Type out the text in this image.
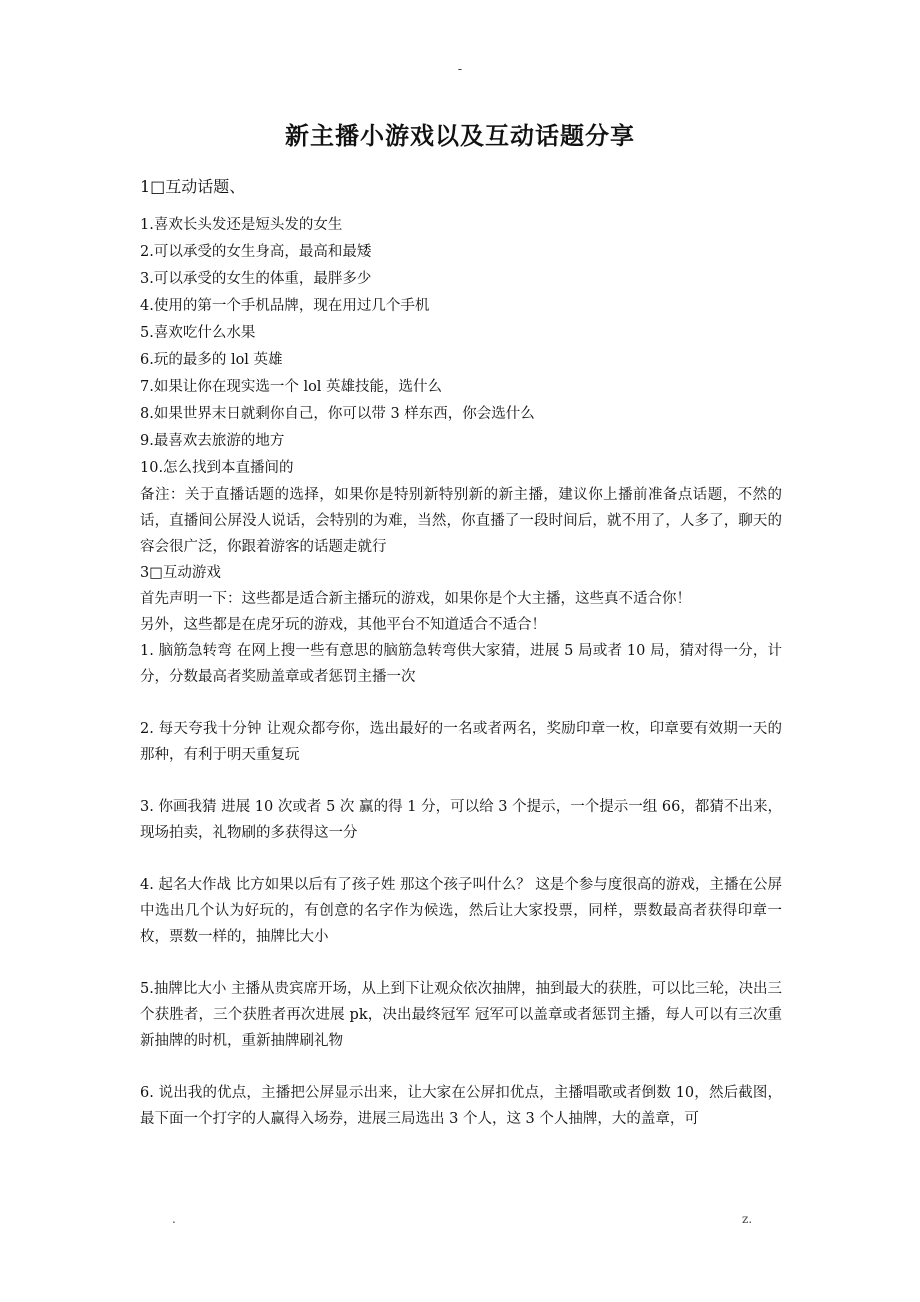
-
新主播小游戏以及互动话题分享

1□互动话题、

1.喜欢长头发还是短头发的女生

2.可以承受的女生身高，最高和最矮

3.可以承受的女生的体重，最胖多少

4.使用的第一个手机品牌，现在用过几个手机

5.喜欢吃什么水果

6.玩的最多的 lol 英雄

7.如果让你在现实选一个 lol 英雄技能，选什么

8.如果世界末日就剩你自己，你可以带 3 样东西，你会选什么

9.最喜欢去旅游的地方

10.怎么找到本直播间的

备注：关于直播话题的选择，如果你是特别新特别新的新主播，建议你上播前准备点话题，不然的话，直播间公屏没人说话，会特别的为难，当然，你直播了一段时间后，就不用了，人多了，聊天的容会很广泛，你跟着游客的话题走就行

3□互动游戏

首先声明一下：这些都是适合新主播玩的游戏，如果你是个大主播，这些真不适合你！

另外，这些都是在虎牙玩的游戏，其他平台不知道适合不适合！

1. 脑筋急转弯 在网上搜一些有意思的脑筋急转弯供大家猜，进展 5 局或者 10 局，猜对得一分，计分，分数最高者奖励盖章或者惩罚主播一次

2. 每天夸我十分钟 让观众都夸你，选出最好的一名或者两名，奖励印章一枚，印章要有效期一天的那种，有利于明天重复玩

3. 你画我猜 进展 10 次或者 5 次 赢的得 1 分，可以给 3 个提示，一个提示一组 66，都猜不出来，现场拍卖，礼物刷的多获得这一分

4. 起名大作战 比方如果以后有了孩子姓 那这个孩子叫什么？ 这是个参与度很高的游戏，主播在公屏中选出几个认为好玩的，有创意的名字作为候选，然后让大家投票，同样，票数最高者获得印章一枚，票数一样的，抽牌比大小

5.抽牌比大小 主播从贵宾席开场，从上到下让观众依次抽牌，抽到最大的获胜，可以比三轮，决出三个获胜者，三个获胜者再次进展 pk，决出最终冠军 冠军可以盖章或者惩罚主播，每人可以有三次重新抽牌的时机，重新抽牌刷礼物

6. 说出我的优点，主播把公屏显示出来，让大家在公屏扣优点，主播唱歌或者倒数 10，然后截图，最下面一个打字的人赢得入场券，进展三局选出 3 个人，这 3 个人抽牌，大的盖章，可

.	z.
